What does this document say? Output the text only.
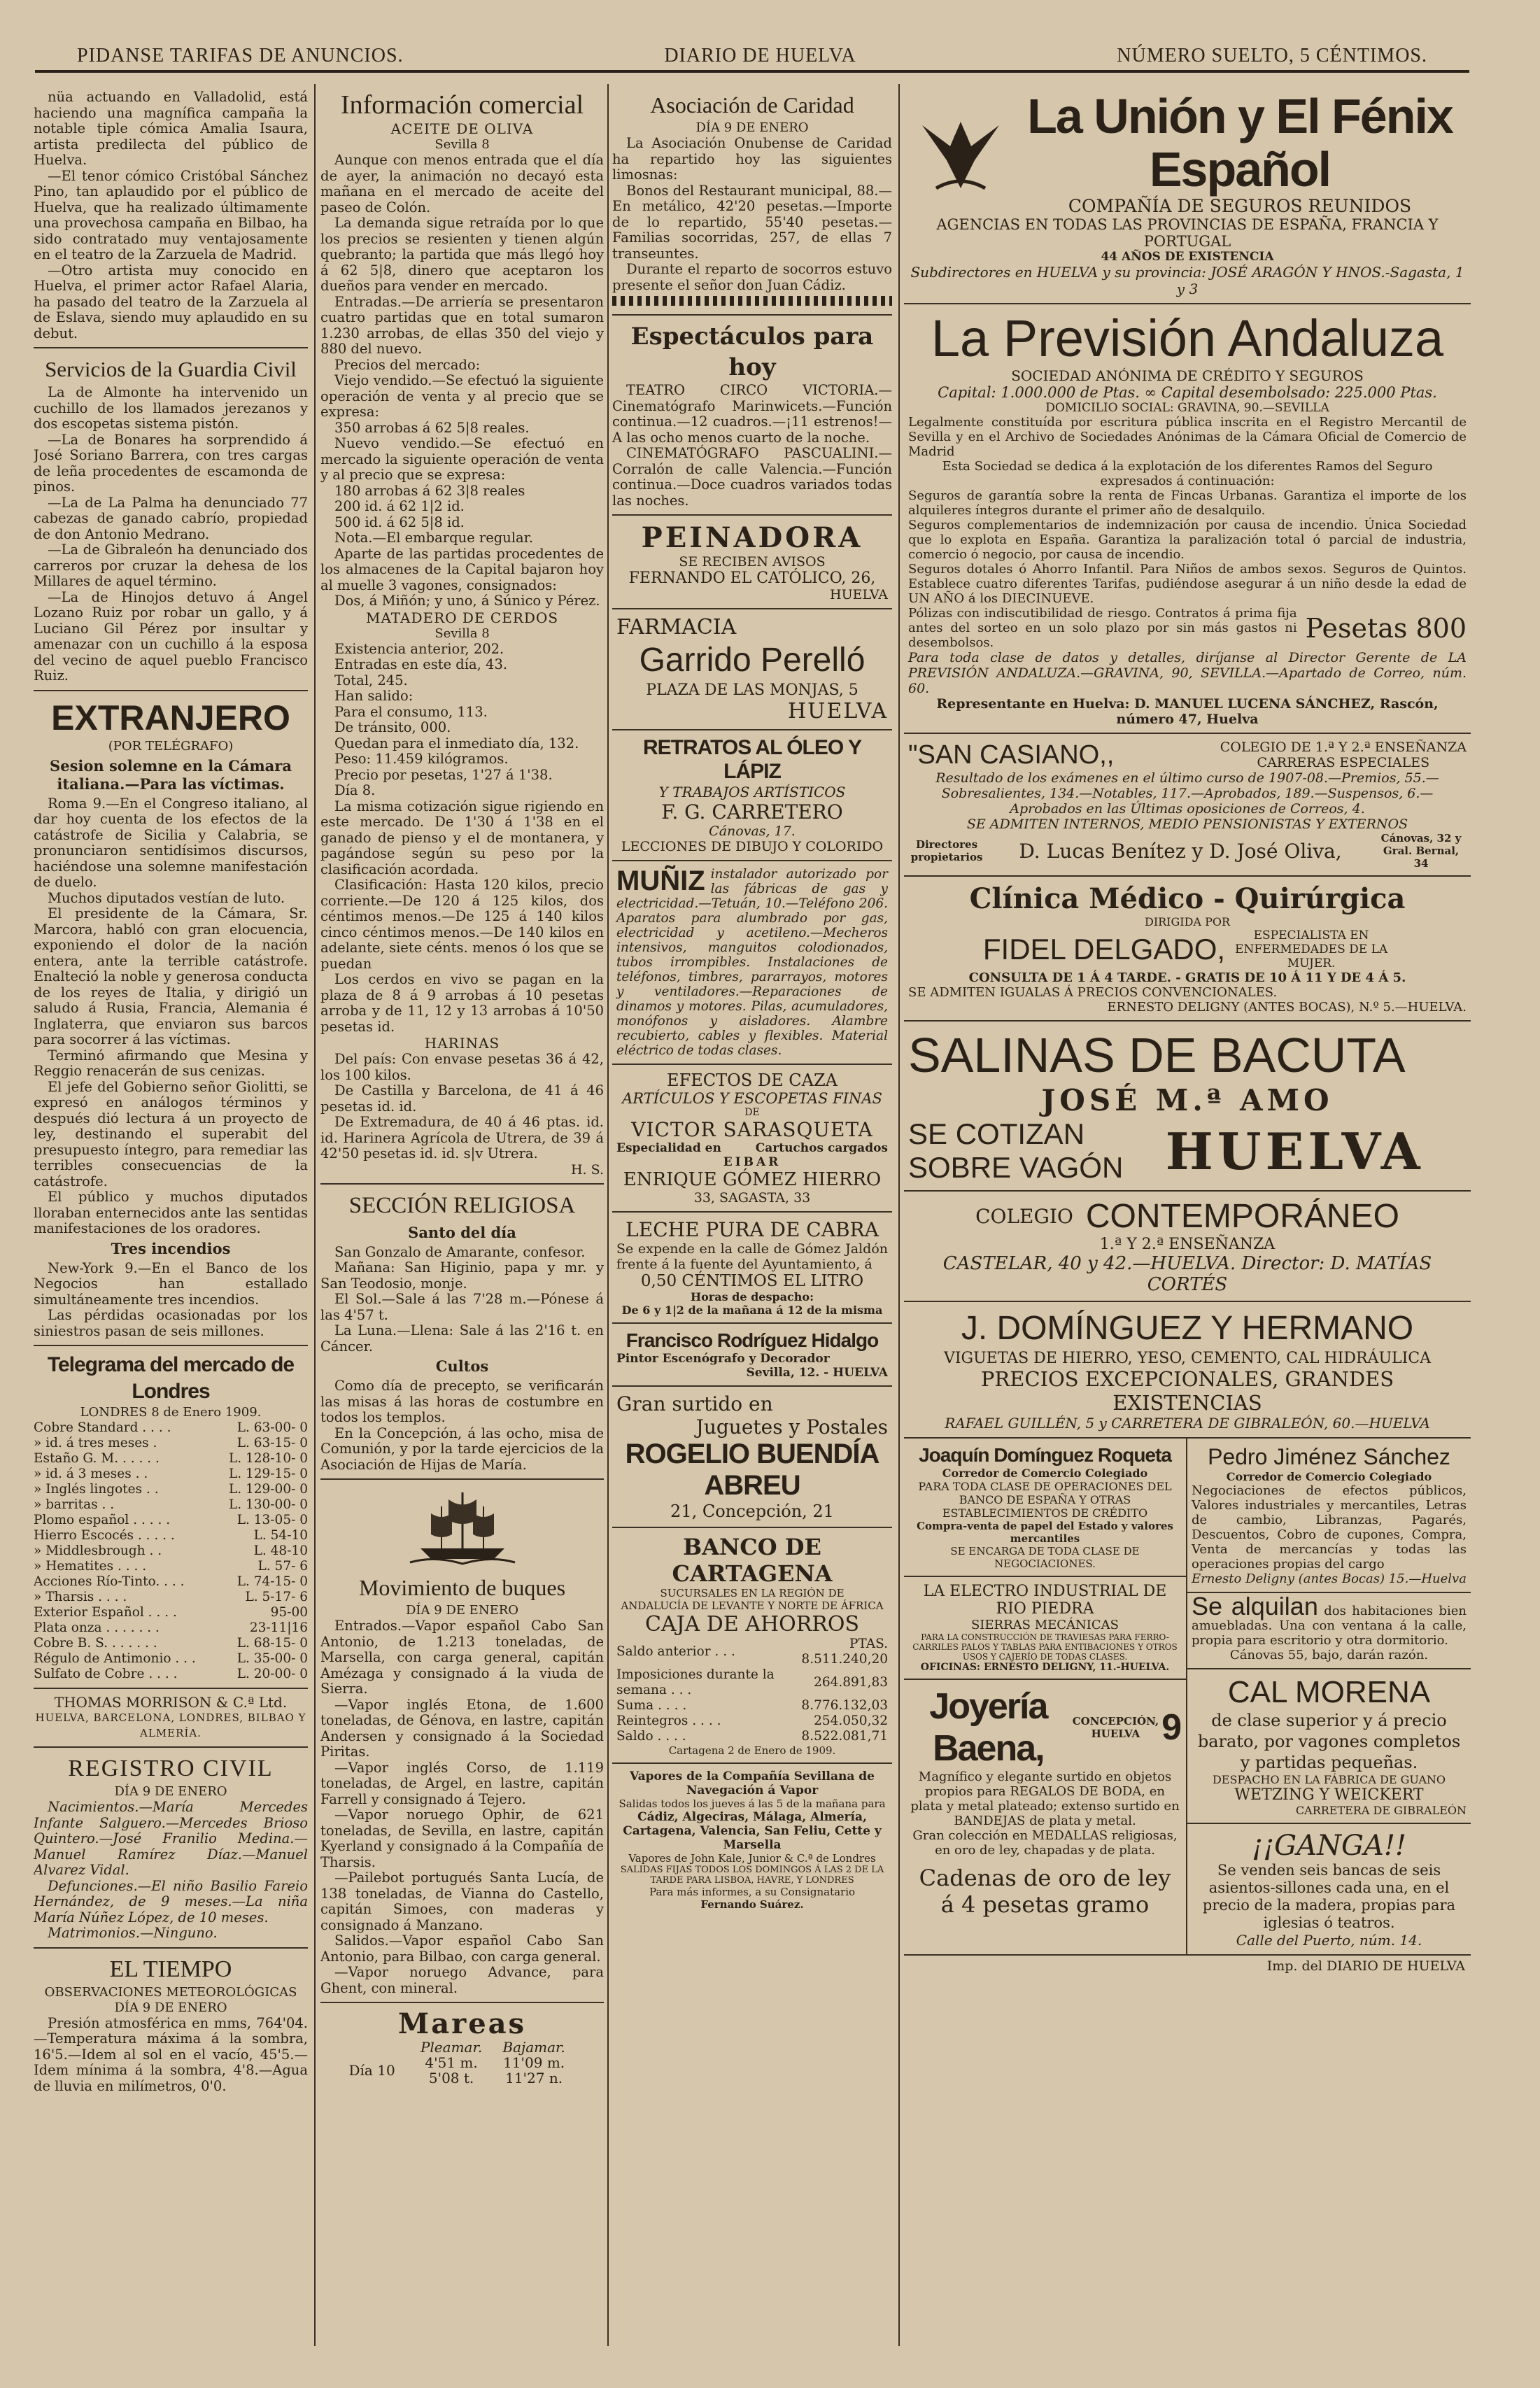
PIDANSE TARIFAS DE ANUNCIOS.	DIARIO DE HUELVA	NÚMERO SUELTO, 5 CÉNTIMOS.

nüa actuando en Valladolid, está haciendo una magnífica campaña la notable tiple cómica Amalia Isaura, artista predilecta del público de Huelva.

—El tenor cómico Cristóbal Sánchez Pino, tan aplaudido por el público de Huelva, que ha realizado últimamente una provechosa campaña en Bilbao, ha sido contratado muy ventajosamente en el teatro de la Zarzuela de Madrid.

—Otro artista muy conocido en Huelva, el primer actor Rafael Alaria, ha pasado del teatro de la Zarzuela al de Eslava, siendo muy aplaudido en su debut.

Servicios de la Guardia Civil

La de Almonte ha intervenido un cuchillo de los llamados jerezanos y dos escopetas sistema pistón.

—La de Bonares ha sorprendido á José Soriano Barrera, con tres cargas de leña procedentes de escamonda de pinos.

—La de La Palma ha denunciado 77 cabezas de ganado cabrío, propiedad de don Antonio Medrano.

—La de Gibraleón ha denunciado dos carreros por cruzar la dehesa de los Millares de aquel término.

—La de Hinojos detuvo á Angel Lozano Ruiz por robar un gallo, y á Luciano Gil Pérez por insultar y amenazar con un cuchillo á la esposa del vecino de aquel pueblo Francisco Ruiz.

EXTRANJERO
(POR TELÉGRAFO)
Sesion solemne en la Cámara italiana.—Para las víctimas.

Roma 9.—En el Congreso italiano, al dar hoy cuenta de los efectos de la catástrofe de Sicilia y Calabria, se pronunciaron sentidísimos discursos, haciéndose una solemne manifestación de duelo.

Muchos diputados vestían de luto.

El presidente de la Cámara, Sr. Marcora, habló con gran elocuencia, exponiendo el dolor de la nación entera, ante la terrible catástrofe. Enalteció la noble y generosa conducta de los reyes de Italia, y dirigió un saludo á Rusia, Francia, Alemania é Inglaterra, que enviaron sus barcos para socorrer á las víctimas.

Terminó afirmando que Mesina y Reggio renacerán de sus cenizas.

El jefe del Gobierno señor Giolitti, se expresó en análogos términos y después dió lectura á un proyecto de ley, destinando el superabit del presupuesto íntegro, para remediar las terribles consecuencias de la catástrofe.

El público y muchos diputados lloraban enternecidos ante las sentidas manifestaciones de los oradores.

Tres incendios

New-York 9.—En el Banco de los Negocios han estallado simultáneamente tres incendios.

Las pérdidas ocasionadas por los siniestros pasan de seis millones.

Telegrama del mercado de Londres
LONDRES 8 de Enero 1909.
Cobre Standard . . . .	L. 63-00- 0
» id. á tres meses .	L. 63-15- 0
Estaño G. M. . . . . .	L. 128-10- 0
» id. á 3 meses . .	L. 129-15- 0
» Inglés lingotes . .	L. 129-00- 0
» barritas . .	L. 130-00- 0
Plomo español . . . . .	L. 13-05- 0
Hierro Escocés . . . . .	L. 54-10
» Middlesbrough . .	L. 48-10
» Hematites . . . .	L. 57- 6
Acciones Río-Tinto. . . .	L. 74-15- 0
» Tharsis . . . .	L. 5-17- 6
Exterior Español . . . .	95-00
Plata onza . . . . . . .	23-11|16
Cobre B. S. . . . . . .	L. 68-15- 0
Régulo de Antimonio . . .	L. 35-00- 0
Sulfato de Cobre . . . .	L. 20-00- 0
THOMAS MORRISON & C.ª Ltd.
HUELVA, BARCELONA, LONDRES, BILBAO Y ALMERÍA.
REGISTRO CIVIL
DÍA 9 DE ENERO

Nacimientos.—María Mercedes Infante Salguero.—Mercedes Brioso Quintero.—José Franilio Medina.—Manuel Ramírez Díaz.—Manuel Alvarez Vidal.

Defunciones.—El niño Basilio Fareio Hernández, de 9 meses.—La niña María Núñez López, de 10 meses.

Matrimonios.—Ninguno.

EL TIEMPO
OBSERVACIONES METEOROLÓGICAS
DÍA 9 DE ENERO

Presión atmosférica en mms, 764'04.—Temperatura máxima á la sombra, 16'5.—Idem al sol en el vacío, 45'5.—Idem mínima á la sombra, 4'8.—Agua de lluvia en milímetros, 0'0.

Información comercial
ACEITE DE OLIVA
Sevilla 8

Aunque con menos entrada que el día de ayer, la animación no decayó esta mañana en el mercado de aceite del paseo de Colón.

La demanda sigue retraída por lo que los precios se resienten y tienen algún quebranto; la partida que más llegó hoy á 62 5|8, dinero que aceptaron los dueños para vender en mercado.

Entradas.—De arriería se presentaron cuatro partidas que en total sumaron 1.230 arrobas, de ellas 350 del viejo y 880 del nuevo.

Precios del mercado:

Viejo vendido.—Se efectuó la siguiente operación de venta y al precio que se expresa:

350 arrobas á 62 5|8 reales.

Nuevo vendido.—Se efectuó en mercado la siguiente operación de venta y al precio que se expresa:

180 arrobas á 62 3|8 reales

200 id. á 62 1|2 id.

500 id. á 62 5|8 id.

Nota.—El embarque regular.

Aparte de las partidas procedentes de los almacenes de la Capital bajaron hoy al muelle 3 vagones, consignados:

Dos, á Miñón; y uno, á Súnico y Pérez.

MATADERO DE CERDOS
Sevilla 8

Existencia anterior, 202.

Entradas en este día, 43.

Total, 245.

Han salido:

Para el consumo, 113.

De tránsito, 000.

Quedan para el inmediato día, 132.

Peso: 11.459 kilógramos.

Precio por pesetas, 1'27 á 1'38.

Día 8.

La misma cotización sigue rigiendo en este mercado. De 1'30 á 1'38 en el ganado de pienso y el de montanera, y pagándose según su peso por la clasificación acordada.

Clasificación: Hasta 120 kilos, precio corriente.—De 120 á 125 kilos, dos céntimos menos.—De 125 á 140 kilos cinco céntimos menos.—De 140 kilos en adelante, siete cénts. menos ó los que se puedan

Los cerdos en vivo se pagan en la plaza de 8 á 9 arrobas á 10 pesetas arroba y de 11, 12 y 13 arrobas á 10'50 pesetas id.

HARINAS

Del país: Con envase pesetas 36 á 42, los 100 kilos.

De Castilla y Barcelona, de 41 á 46 pesetas id. id.

De Extremadura, de 40 á 46 ptas. id. id. Harinera Agrícola de Utrera, de 39 á 42'50 pesetas id. id. s|v Utrera.

H. S.
SECCIÓN RELIGIOSA
Santo del día

San Gonzalo de Amarante, confesor.

Mañana: San Higinio, papa y mr. y San Teodosio, monje.

El Sol.—Sale á las 7'28 m.—Pónese á las 4'57 t.

La Luna.—Llena: Sale á las 2'16 t. en Cáncer.

Cultos

Como día de precepto, se verificarán las misas á las horas de costumbre en todos los templos.

En la Concepción, á las ocho, misa de Comunión, y por la tarde ejercicios de la Asociación de Hijas de María.

Movimiento de buques
DÍA 9 DE ENERO

Entrados.—Vapor español Cabo San Antonio, de 1.213 toneladas, de Marsella, con carga general, capitán Amézaga y consignado á la viuda de Sierra.

—Vapor inglés Etona, de 1.600 toneladas, de Génova, en lastre, capitán Andersen y consignado á la Sociedad Piritas.

—Vapor inglés Corso, de 1.119 toneladas, de Argel, en lastre, capitán Farrell y consignado á Tejero.

—Vapor noruego Ophir, de 621 toneladas, de Sevilla, en lastre, capitán Kyerland y consignado á la Compañía de Tharsis.

—Pailebot portugués Santa Lucía, de 138 toneladas, de Vianna do Castello, capitán Simoes, con maderas y consignado á Manzano.

Salidos.—Vapor español Cabo San Antonio, para Bilbao, con carga general.

—Vapor noruego Advance, para Ghent, con mineral.

Mareas
	Pleamar.	Bajamar.
Día 10	4'51 m.	11'09 m.
	5'08 t.	11'27 n.
Asociación de Caridad
DÍA 9 DE ENERO

La Asociación Onubense de Caridad ha repartido hoy las siguientes limosnas:

Bonos del Restaurant municipal, 88.—En metálico, 42'20 pesetas.—Importe de lo repartido, 55'40 pesetas.—Familias socorridas, 257, de ellas 7 transeuntes.

Durante el reparto de socorros estuvo presente el señor don Juan Cádiz.

Espectáculos para hoy

TEATRO CIRCO VICTORIA.—Cinematógrafo Marinwicets.—Función continua.—12 cuadros.—¡11 estrenos!—A las ocho menos cuarto de la noche.

CINEMATÓGRAFO PASCUALINI.—Corralón de calle Valencia.—Función continua.—Doce cuadros variados todas las noches.

PEINADORA
SE RECIBEN AVISOS
FERNANDO EL CATÓLICO, 26,
HUELVA
FARMACIA
Garrido Perelló
PLAZA DE LAS MONJAS, 5
HUELVA
RETRATOS AL ÓLEO Y LÁPIZ
Y TRABAJOS ARTÍSTICOS
F. G. CARRETERO
Cánovas, 17.
LECCIONES DE DIBUJO Y COLORIDO
MUÑIZ instalador autorizado por las fábricas de gas y electricidad.—Tetuán, 10.—Teléfono 206. Aparatos para alumbrado por gas, electricidad y acetileno.—Mecheros intensivos, manguitos colodionados, tubos irrompibles. Instalaciones de teléfonos, timbres, pararrayos, motores y ventiladores.—Reparaciones de dinamos y motores. Pilas, acumuladores, monófonos y aisladores. Alambre recubierto, cables y flexibles. Material eléctrico de todas clases.
EFECTOS DE CAZA
ARTÍCULOS Y ESCOPETAS FINAS
DE
VICTOR SARASQUETA
Especialidad en	Cartuchos cargados
EIBAR
ENRIQUE GÓMEZ HIERRO
33, SAGASTA, 33
LECHE PURA DE CABRA
Se expende en la calle de Gómez Jaldón frente á la fuente del Ayuntamiento, á
0,50 CÉNTIMOS EL LITRO
Horas de despacho:
De 6 y 1|2 de la mañana á 12 de la misma
Francisco Rodríguez Hidalgo
Pintor Escenógrafo y Decorador
Sevilla, 12. - HUELVA
Gran surtido en
Juguetes y Postales
ROGELIO BUENDÍA ABREU
21, Concepción, 21
BANCO DE CARTAGENA
SUCURSALES EN LA REGIÓN DE
ANDALUCÍA DE LEVANTE Y NORTE DE ÁFRICA
CAJA DE AHORROS
Saldo anterior . . .	PTAS. 8.511.240,20
Imposiciones durante la semana . . .	264.891,83
Suma . . . .	8.776.132,03
Reintegros . . . .	254.050,32
Saldo . . . .	8.522.081,71
Cartagena 2 de Enero de 1909.
Vapores de la Compañía Sevillana de Navegación á Vapor
Salidas todos los jueves á las 5 de la mañana para
Cádiz, Algeciras, Málaga, Almería, Cartagena, Valencia, San Feliu, Cette y Marsella
Vapores de John Kale, Junior & C.ª de Londres
SALIDAS FIJAS TODOS LOS DOMINGOS Á LAS 2 DE LA TARDE PARA LISBOA, HAVRE, Y LONDRES
Para más informes, a su Consignatario
Fernando Suárez.
La Unión y El Fénix Español
COMPAÑÍA DE SEGUROS REUNIDOS
AGENCIAS EN TODAS LAS PROVINCIAS DE ESPAÑA, FRANCIA Y PORTUGAL
44 AÑOS DE EXISTENCIA
Subdirectores en HUELVA y su provincia: JOSÉ ARAGÓN Y HNOS.-Sagasta, 1 y 3
La Previsión Andaluza
SOCIEDAD ANÓNIMA DE CRÉDITO Y SEGUROS
Capital: 1.000.000 de Ptas. ∞ Capital desembolsado: 225.000 Ptas.
DOMICILIO SOCIAL: GRAVINA, 90.—SEVILLA

Legalmente constituída por escritura pública inscrita en el Registro Mercantil de Sevilla y en el Archivo de Sociedades Anónimas de la Cámara Oficial de Comercio de Madrid

Esta Sociedad se dedica á la explotación de los diferentes Ramos del Seguro expresados á continuación:

Seguros de garantía sobre la renta de Fincas Urbanas. Garantiza el importe de los alquileres íntegros durante el primer año de desalquilo.

Seguros complementarios de indemnización por causa de incendio. Única Sociedad que lo explota en España. Garantiza la paralización total ó parcial de industria, comercio ó negocio, por causa de incendio.

Seguros dotales ó Ahorro Infantil. Para Niños de ambos sexos. Seguros de Quintos. Establece cuatro diferentes Tarifas, pudiéndose asegurar á un niño desde la edad de UN AÑO á los DIECINUEVE.

Pólizas con indiscutibilidad de riesgo. Contratos á prima fija antes del sorteo en un solo plazo por sin más gastos ni desembolsos.	Pesetas 800

Para toda clase de datos y detalles, diríjanse al Director Gerente de LA PREVISIÓN ANDALUZA.—GRAVINA, 90, SEVILLA.—Apartado de Correo, núm. 60.

Representante en Huelva: D. MANUEL LUCENA SÁNCHEZ, Rascón, número 47, Huelva
"SAN CASIANO,,	COLEGIO DE 1.ª Y 2.ª ENSEÑANZA
CARRERAS ESPECIALES

Resultado de los exámenes en el último curso de 1907-08.—Premios, 55.—Sobresalientes, 134.—Notables, 117.—Aprobados, 189.—Suspensos, 6.—Aprobados en las Últimas oposiciones de Correos, 4.

SE ADMITEN INTERNOS, MEDIO PENSIONISTAS Y EXTERNOS
Directores propietarios D. Lucas Benítez y D. José Oliva,
Cánovas, 32 y Gral. Bernal, 34
Clínica Médico - Quirúrgica
DIRIGIDA POR
FIDEL DELGADO,	ESPECIALISTA EN ENFERMEDADES DE LA MUJER.
CONSULTA DE 1 Á 4 TARDE. - GRATIS DE 10 Á 11 Y DE 4 Á 5.
SE ADMITEN IGUALAS Á PRECIOS CONVENCIONALES.
ERNESTO DELIGNY (ANTES BOCAS), N.º 5.—HUELVA.
SALINAS DE BACUTA
JOSÉ M.ª AMO
SE COTIZAN
SOBRE VAGÓN HUELVA
COLEGIO CONTEMPORÁNEO
1.ª Y 2.ª ENSEÑANZA
CASTELAR, 40 y 42.—HUELVA. Director: D. MATÍAS CORTÉS
J. DOMÍNGUEZ Y HERMANO
VIGUETAS DE HIERRO, YESO, CEMENTO, CAL HIDRÁULICA
PRECIOS EXCEPCIONALES, GRANDES EXISTENCIAS
RAFAEL GUILLÉN, 5 y CARRETERA DE GIBRALEÓN, 60.—HUELVA
Joaquín Domínguez Roqueta
Corredor de Comercio Colegiado
PARA TODA CLASE DE OPERACIONES DEL BANCO DE ESPAÑA Y OTRAS ESTABLECIMIENTOS DE CRÉDITO
Compra-venta de papel del Estado y valores mercantiles
SE ENCARGA DE TODA CLASE DE NEGOCIACIONES.
LA ELECTRO INDUSTRIAL DE RIO PIEDRA
SIERRAS MECÁNICAS
PARA LA CONSTRUCCIÓN DE TRAVIESAS PARA FERRO-CARRILES PALOS Y TABLAS PARA ENTIBACIONES Y OTROS USOS Y CAJERÍO DE TODAS CLASES.
OFICINAS: ERNESTO DELIGNY, 11.-HUELVA.
Joyería Baena,
CONCEPCIÓN,
HUELVA 9

Magnífico y elegante surtido en objetos propios para REGALOS DE BODA, en plata y metal plateado; extenso surtido en BANDEJAS de plata y metal.

Gran colección en MEDALLAS religiosas, en oro de ley, chapadas y de plata.

Cadenas de oro de ley
á 4 pesetas gramo
Pedro Jiménez Sánchez
Corredor de Comercio Colegiado

Negociaciones de efectos públicos, Valores industriales y mercantiles, Letras de cambio, Libranzas, Pagarés, Descuentos, Cobro de cupones, Compra, Venta de mercancías y todas las operaciones propias del cargo

Ernesto Deligny (antes Bocas) 15.—Huelva

Se alquilan dos habitaciones bien amuebladas. Una con ventana á la calle, propia para escritorio y otra dormitorio.

Cánovas 55, bajo, darán razón.
CAL MORENA
de clase superior y á precio barato, por vagones completos y partidas pequeñas.
DESPACHO EN LA FÁBRICA DE GUANO
WETZING Y WEICKERT
CARRETERA DE GIBRALEÓN
¡¡GANGA!!
Se venden seis bancas de seis asientos-sillones cada una, en el precio de la madera, propias para iglesias ó teatros.
Calle del Puerto, núm. 14.
Imp. del DIARIO DE HUELVA
